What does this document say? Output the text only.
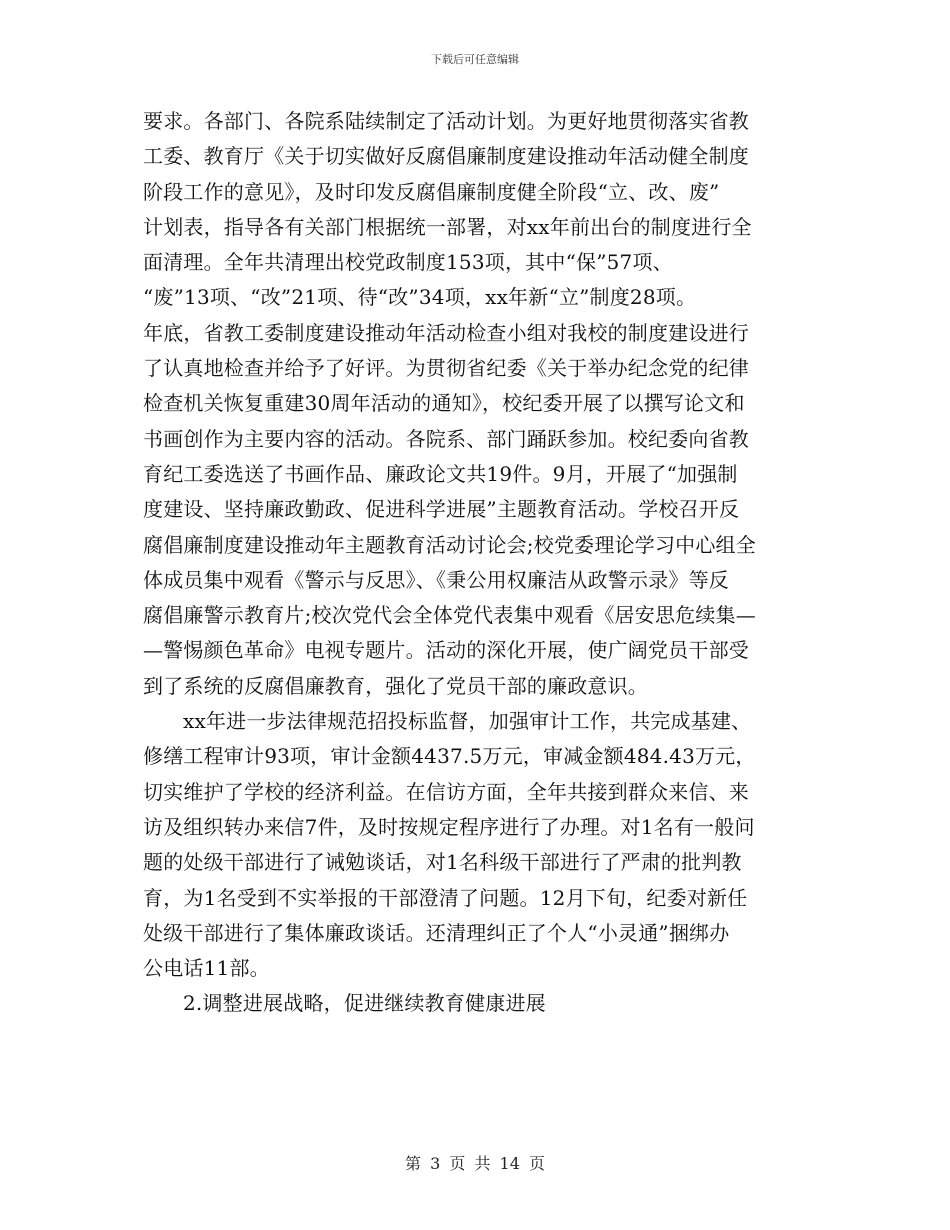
下载后可任意编辑

要求。各部门、各院系陆续制定了活动计划。为更好地贯彻落实省教
工委、教育厅《关于切实做好反腐倡廉制度建设推动年活动健全制度
阶段工作的意见》，及时印发反腐倡廉制度健全阶段“立、改、废”
计划表，指导各有关部门根据统一部署，对xx年前出台的制度进行全
面清理。全年共清理出校党政制度153项，其中“保”57项、
“废”13项、“改”21项、待“改”34项，xx年新“立”制度28项。
年底，省教工委制度建设推动年活动检查小组对我校的制度建设进行
了认真地检查并给予了好评。为贯彻省纪委《关于举办纪念党的纪律
检查机关恢复重建30周年活动的通知》，校纪委开展了以撰写论文和
书画创作为主要内容的活动。各院系、部门踊跃参加。校纪委向省教
育纪工委选送了书画作品、廉政论文共19件。9月，开展了“加强制
度建设、坚持廉政勤政、促进科学进展”主题教育活动。学校召开反
腐倡廉制度建设推动年主题教育活动讨论会;校党委理论学习中心组全
体成员集中观看《警示与反思》、《秉公用权廉洁从政警示录》等反
腐倡廉警示教育片;校次党代会全体党代表集中观看《居安思危续集—
—警惕颜色革命》电视专题片。活动的深化开展，使广阔党员干部受
到了系统的反腐倡廉教育，强化了党员干部的廉政意识。

xx年进一步法律规范招投标监督，加强审计工作，共完成基建、
修缮工程审计93项，审计金额4437.5万元，审减金额484.43万元，
切实维护了学校的经济利益。在信访方面，全年共接到群众来信、来
访及组织转办来信7件，及时按规定程序进行了办理。对1名有一般问
题的处级干部进行了诫勉谈话，对1名科级干部进行了严肃的批判教
育，为1名受到不实举报的干部澄清了问题。12月下旬，纪委对新任
处级干部进行了集体廉政谈话。还清理纠正了个人“小灵通”捆绑办
公电话11部。

2.调整进展战略，促进继续教育健康进展

第 3 页 共 14 页
